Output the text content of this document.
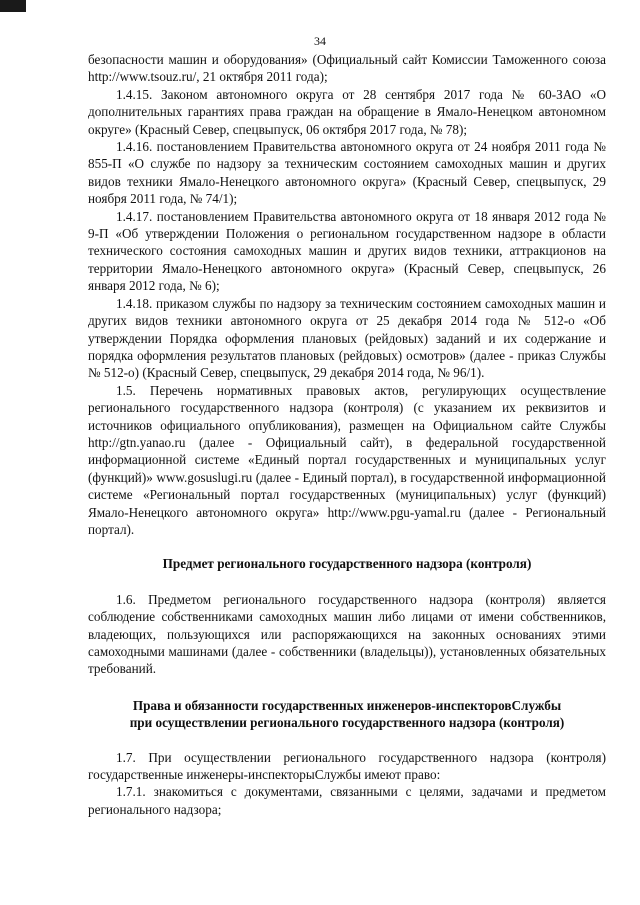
34

безопасности машин и оборудования» (Официальный сайт Комиссии Таможенного союза http://www.tsouz.ru/, 21 октября 2011 года);

1.4.15. Законом автономного округа от 28 сентября 2017 года № 60-ЗАО «О дополнительных гарантиях права граждан на обращение в Ямало-Ненецком автономном округе» (Красный Север, спецвыпуск, 06 октября 2017 года, № 78);

1.4.16. постановлением Правительства автономного округа от 24 ноября 2011 года № 855-П «О службе по надзору за техническим состоянием самоходных машин и других видов техники Ямало-Ненецкого автономного округа» (Красный Север, спецвыпуск, 29 ноября 2011 года, № 74/1);

1.4.17. постановлением Правительства автономного округа от 18 января 2012 года № 9-П «Об утверждении Положения о региональном государственном надзоре в области технического состояния самоходных машин и других видов техники, аттракционов на территории Ямало-Ненецкого автономного округа» (Красный Север, спецвыпуск, 26 января 2012 года, № 6);

1.4.18. приказом службы по надзору за техническим состоянием самоходных машин и других видов техники автономного округа от 25 декабря 2014 года № 512-о «Об утверждении Порядка оформления плановых (рейдовых) заданий и их содержание и порядка оформления результатов плановых (рейдовых) осмотров» (далее - приказ Службы № 512-о) (Красный Север, спецвыпуск, 29 декабря 2014 года, № 96/1).

1.5. Перечень нормативных правовых актов, регулирующих осуществление регионального государственного надзора (контроля) (с указанием их реквизитов и источников официального опубликования), размещен на Официальном сайте Службы http://gtn.yanao.ru (далее - Официальный сайт), в федеральной государственной информационной системе «Единый портал государственных и муниципальных услуг (функций)» www.gosuslugi.ru (далее - Единый портал), в государственной информационной системе «Региональный портал государственных (муниципальных) услуг (функций) Ямало-Ненецкого автономного округа» http://www.pgu-yamal.ru (далее - Региональный портал).

Предмет регионального государственного надзора (контроля)

1.6. Предметом регионального государственного надзора (контроля) является соблюдение собственниками самоходных машин либо лицами от имени собственников, владеющих, пользующихся или распоряжающихся на законных основаниях этими самоходными машинами (далее - собственники (владельцы)), установленных обязательных требований.

Права и обязанности государственных инженеров-инспекторовСлужбы
при осуществлении регионального государственного надзора (контроля)

1.7. При осуществлении регионального государственного надзора (контроля) государственные инженеры-инспекторыСлужбы имеют право:

1.7.1. знакомиться с документами, связанными с целями, задачами и предметом регионального надзора;
